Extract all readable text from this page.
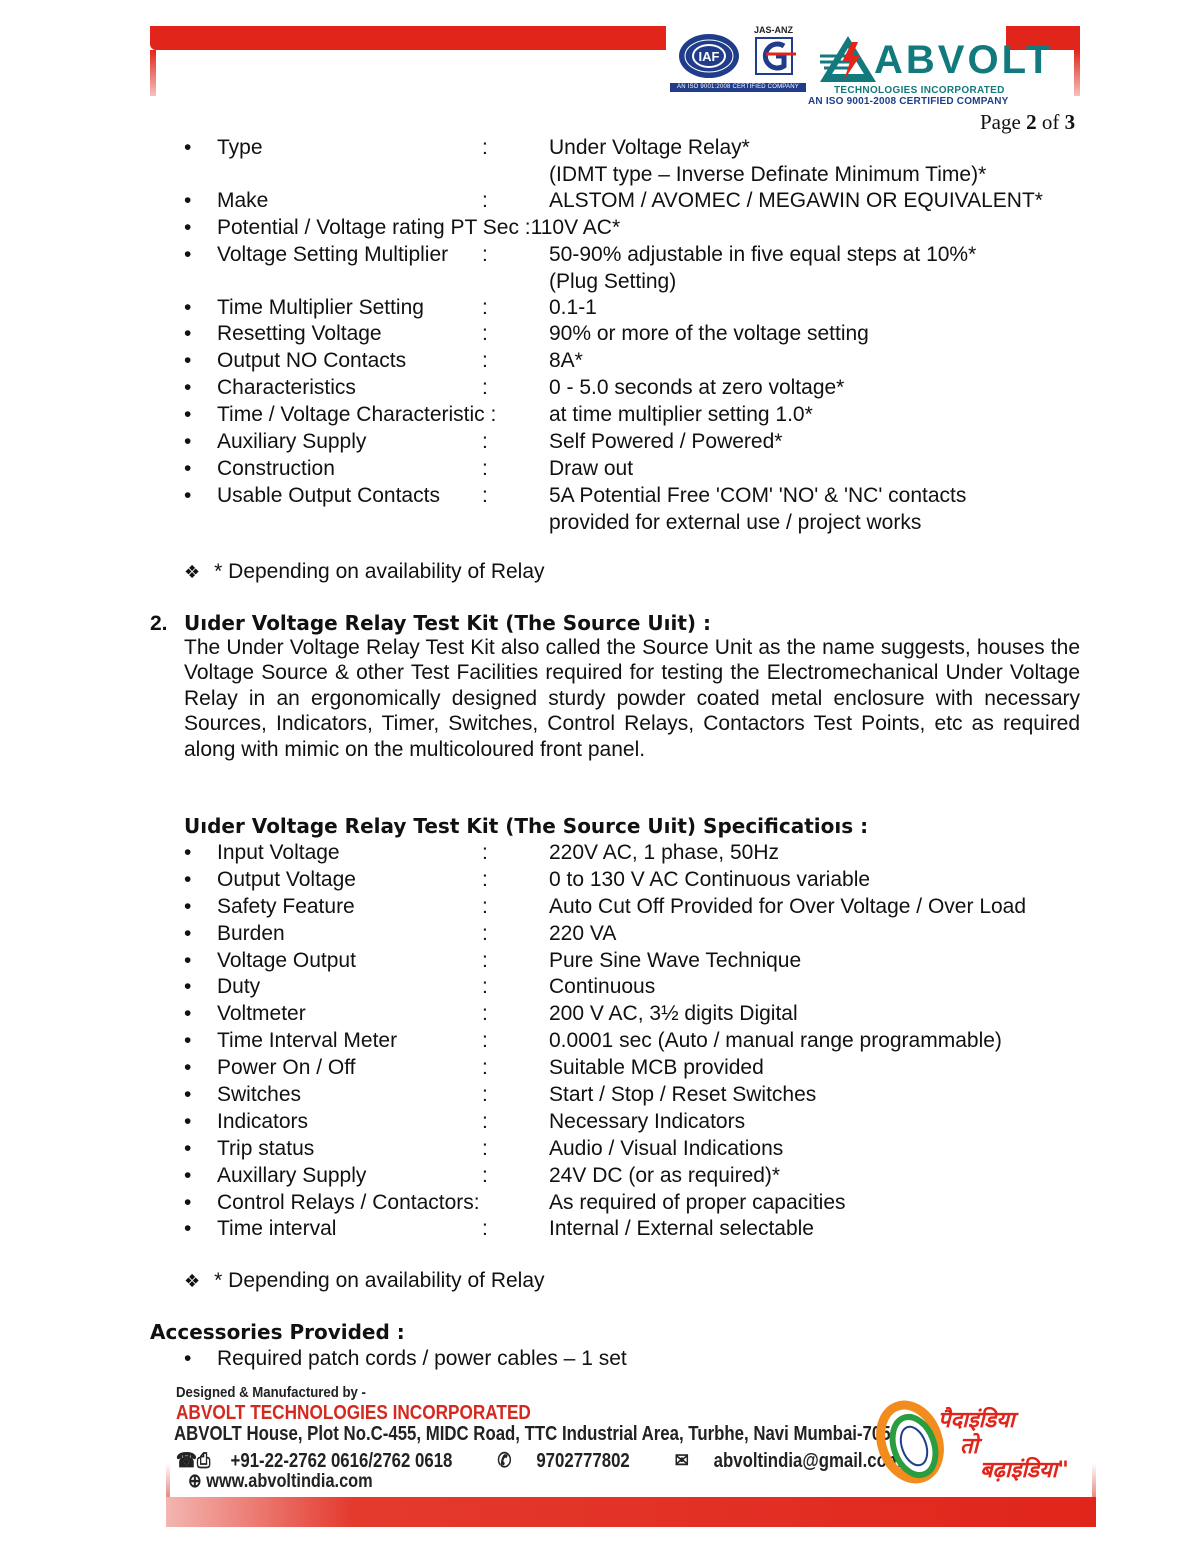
IAF
AN ISO 9001:2008 CERTIFIED COMPANY
JAS-ANZ
ABVOLT
TECHNOLOGIES INCORPORATED
AN ISO 9001-2008 CERTIFIED COMPANY
Page 2 of 3
• Type	:	Under Voltage Relay*
(IDMT type – Inverse Definate Minimum Time)*
• Make	:	ALSTOM / AVOMEC / MEGAWIN OR EQUIVALENT*
• Potential / Voltage rating PT Sec :110V AC*
• Voltage Setting Multiplier :	50-90% adjustable in five equal steps at 10%*
(Plug Setting)
• Time Multiplier Setting	:	0.1-1
• Resetting Voltage	:	90% or more of the voltage setting
• Output NO Contacts	:	8A*
• Characteristics	:	0 - 5.0 seconds at zero voltage*
• Time / Voltage Characteristic :	at time multiplier setting 1.0*
• Auxiliary Supply	:	Self Powered / Powered*
• Construction	:	Draw out
• Usable Output Contacts :	5A Potential Free 'COM' 'NO' & 'NC' contacts
provided for external use / project works
❖ * Depending on availability of Relay
2. Uıder Voltage Relay Test Kit (The Source Uıit) :
The Under Voltage Relay Test Kit also called the Source Unit as the name suggests, houses the Voltage Source & other Test Facilities required for testing the Electromechanical Under Voltage Relay in an ergonomically designed sturdy powder coated metal enclosure with necessary Sources, Indicators, Timer, Switches, Control Relays, Contactors Test Points, etc as required along with mimic on the multicoloured front panel.
Uıder Voltage Relay Test Kit (The Source Uıit) Specificatioıs :
• Input Voltage	:	220V AC, 1 phase, 50Hz
• Output Voltage	:	0 to 130 V AC Continuous variable
• Safety Feature	:	Auto Cut Off Provided for Over Voltage / Over Load
• Burden	:	220 VA
• Voltage Output	:	Pure Sine Wave Technique
• Duty	:	Continuous
• Voltmeter	:	200 V AC, 3½ digits Digital
• Time Interval Meter	:	0.0001 sec (Auto / manual range programmable)
• Power On / Off	:	Suitable MCB provided
• Switches	:	Start / Stop / Reset Switches
• Indicators	:	Necessary Indicators
• Trip status	:	Audio / Visual Indications
• Auxillary Supply	:	24V DC (or as required)*
• Control Relays / Contactors:	As required of proper capacities
• Time interval	:	Internal / External selectable
❖ * Depending on availability of Relay
Accessories Provided :
• Required patch cords / power cables – 1 set
Designed & Manufactured by -
ABVOLT TECHNOLOGIES INCORPORATED
ABVOLT House, Plot No.C-455, MIDC Road, TTC Industrial Area, Turbhe, Navi Mumbai-705.
☎⎙ +91-22-2762 0616/2762 0618 ✆ 9702777802 ✉ abvoltindia@gmail.com
⊕ www.abvoltindia.com
पैदाइंडिया
तो
बढ़ाइंडिया"
